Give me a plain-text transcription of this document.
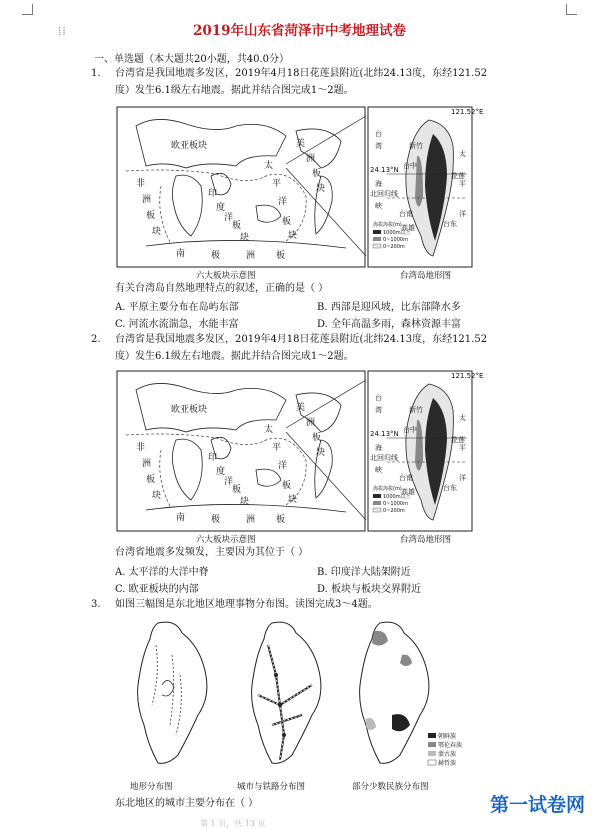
⁞⁞	2019年山东省菏泽市中考地理试卷
一、单选题（本大题共20小题，共40.0分）
1. 台湾省是我国地震多发区，2019年4月18日花莲县附近(北纬24.13度，东经121.52
度）发生6.1级左右地震。据此并结合图完成1～2题。
欧亚板块	美
洲
板
块
太
平
洋
板
块
非
洲
板
块
印
度
洋
板
块
南	极	洲 板
六大板块示意图
121.52°E
24.13°N
台
湾
海
峡
北回归线
太
平
洋
新竹
台中
台南
高雄
花莲
台东
海拔海拔(m)
1000m以上
0~1000m
0~200m
台湾岛地形图
有关台湾岛自然地理特点的叙述，正确的是（ ）
A. 平原主要分布在岛屿东部	B. 西部是迎风坡，比东部降水多
C. 河流水流湍急，水能丰富	D. 全年高温多雨，森林资源丰富
2. 台湾省是我国地震多发区，2019年4月18日花莲县附近(北纬24.13度，东经121.52
度）发生6.1级左右地震。据此并结合图完成1～2题。
欧亚板块	美
洲
板
块
太
平
洋
板
块
非
洲
板
块
印
度
洋
板
块
南	极	洲 板
六大板块示意图
121.52°E
24.13°N
台
湾
海
峡
北回归线
太
平
洋
新竹
台中
台南
高雄
花莲
台东
海拔海拔(m)
1000m以上
0~1000m
0~200m
台湾岛地形图
台湾省地震多发频发，主要因为其位于（ ）
A. 太平洋的大洋中脊	B. 印度洋大陆架附近
C. 欧亚板块的内部	D. 板块与板块交界附近
3. 如图三幅图是东北地区地理事物分布图。读图完成3～4题。
地形分布图	城市与铁路分布图
朝鲜族
鄂伦春族
蒙古族
赫哲族
部分少数民族分布图
东北地区的城市主要分布在（ ）	第一试卷网
第 1 页，共 13 页
